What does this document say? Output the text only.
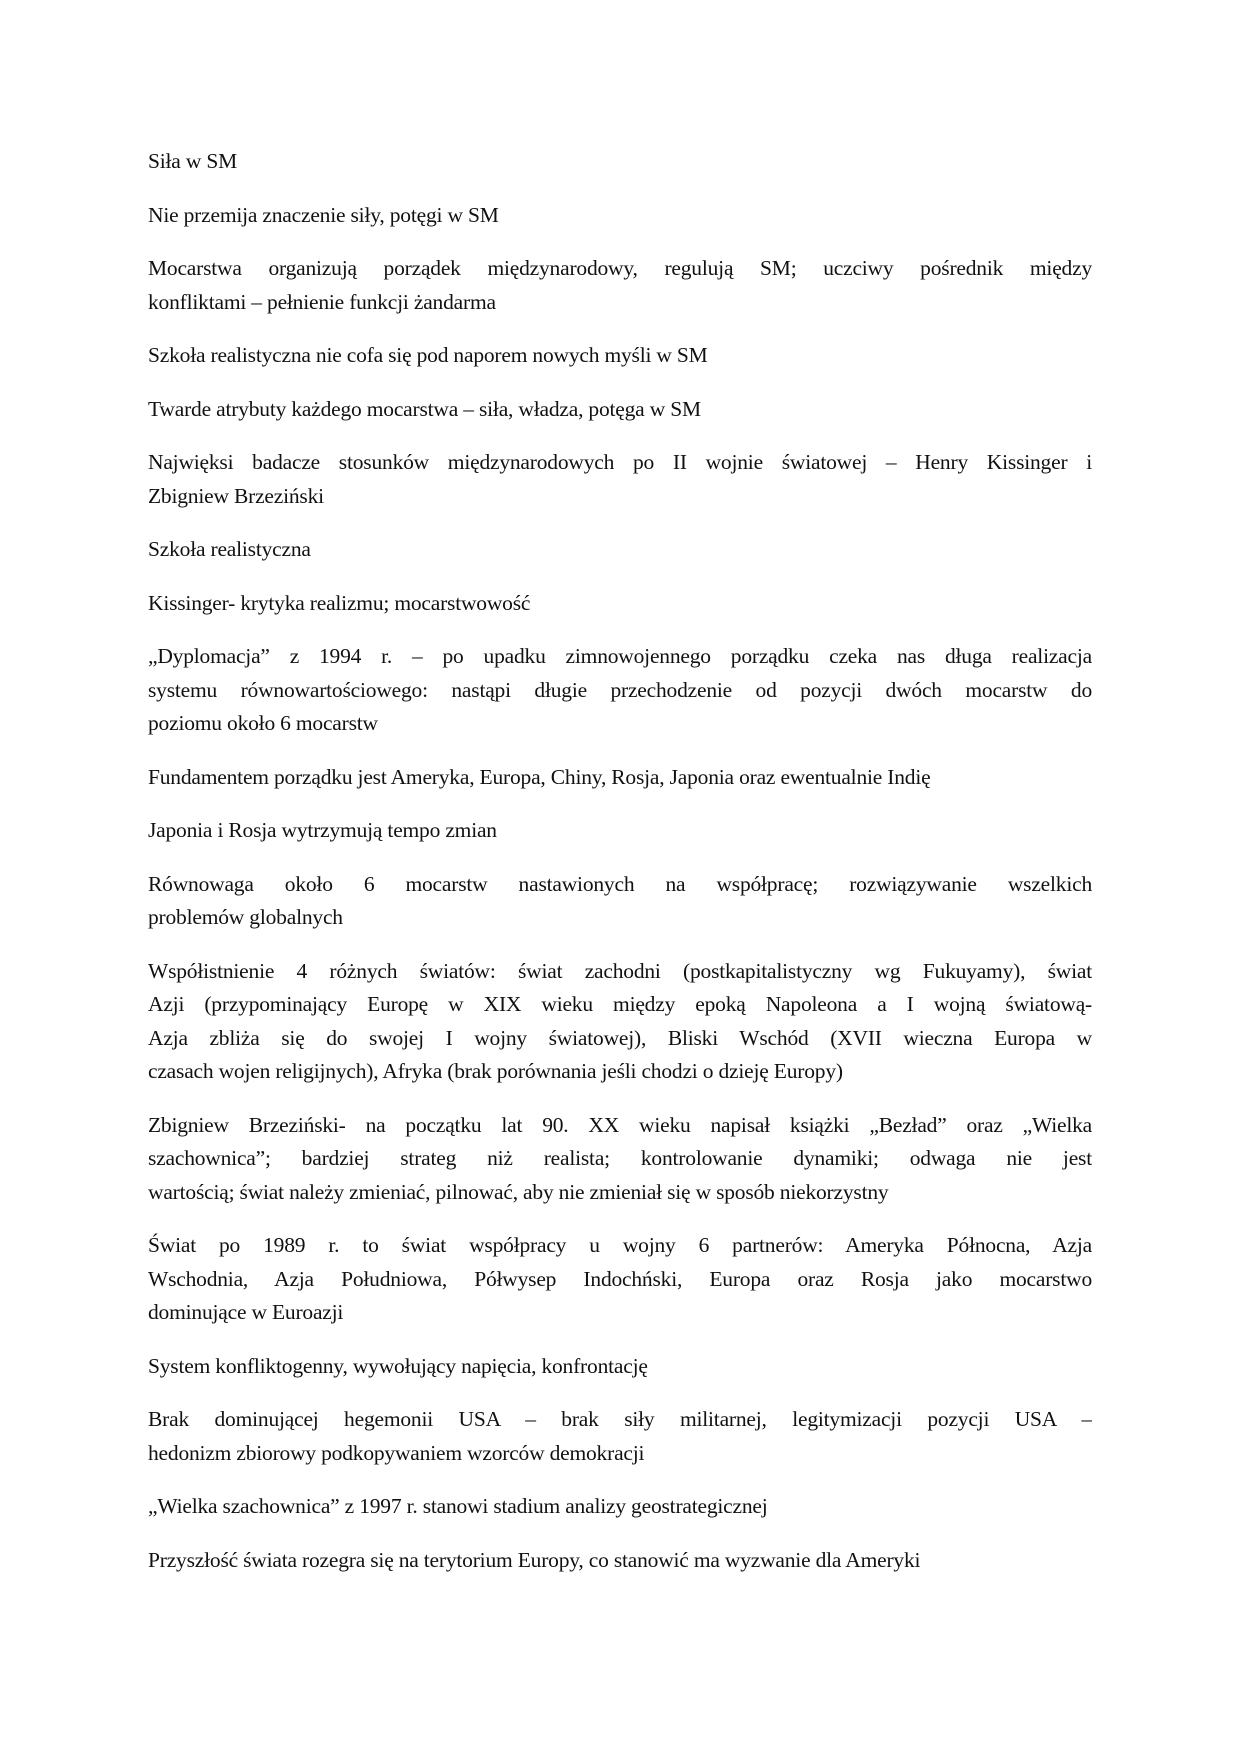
Siła w SM
Nie przemija znaczenie siły, potęgi w SM
Mocarstwa organizują porządek międzynarodowy, regulują SM; uczciwy pośrednik między
konfliktami – pełnienie funkcji żandarma
Szkoła realistyczna nie cofa się pod naporem nowych myśli w SM
Twarde atrybuty każdego mocarstwa – siła, władza, potęga w SM
Najwięksi badacze stosunków międzynarodowych po II wojnie światowej – Henry Kissinger i
Zbigniew Brzeziński
Szkoła realistyczna
Kissinger- krytyka realizmu; mocarstwowość
„Dyplomacja” z 1994 r. – po upadku zimnowojennego porządku czeka nas długa realizacja
systemu równowartościowego: nastąpi długie przechodzenie od pozycji dwóch mocarstw do
poziomu około 6 mocarstw
Fundamentem porządku jest Ameryka, Europa, Chiny, Rosja, Japonia oraz ewentualnie Indię
Japonia i Rosja wytrzymują tempo zmian
Równowaga około 6 mocarstw nastawionych na współpracę; rozwiązywanie wszelkich
problemów globalnych
Współistnienie 4 różnych światów: świat zachodni (postkapitalistyczny wg Fukuyamy), świat
Azji (przypominający Europę w XIX wieku między epoką Napoleona a I wojną światową-
Azja zbliża się do swojej I wojny światowej), Bliski Wschód (XVII wieczna Europa w
czasach wojen religijnych), Afryka (brak porównania jeśli chodzi o dzieję Europy)
Zbigniew Brzeziński- na początku lat 90. XX wieku napisał książki „Bezład” oraz „Wielka
szachownica”; bardziej strateg niż realista; kontrolowanie dynamiki; odwaga nie jest
wartością; świat należy zmieniać, pilnować, aby nie zmieniał się w sposób niekorzystny
Świat po 1989 r. to świat współpracy u wojny 6 partnerów: Ameryka Północna, Azja
Wschodnia, Azja Południowa, Półwysep Indochński, Europa oraz Rosja jako mocarstwo
dominujące w Euroazji
System konfliktogenny, wywołujący napięcia, konfrontację
Brak dominującej hegemonii USA – brak siły militarnej, legitymizacji pozycji USA –
hedonizm zbiorowy podkopywaniem wzorców demokracji
„Wielka szachownica” z 1997 r. stanowi stadium analizy geostrategicznej
Przyszłość świata rozegra się na terytorium Europy, co stanowić ma wyzwanie dla Ameryki
